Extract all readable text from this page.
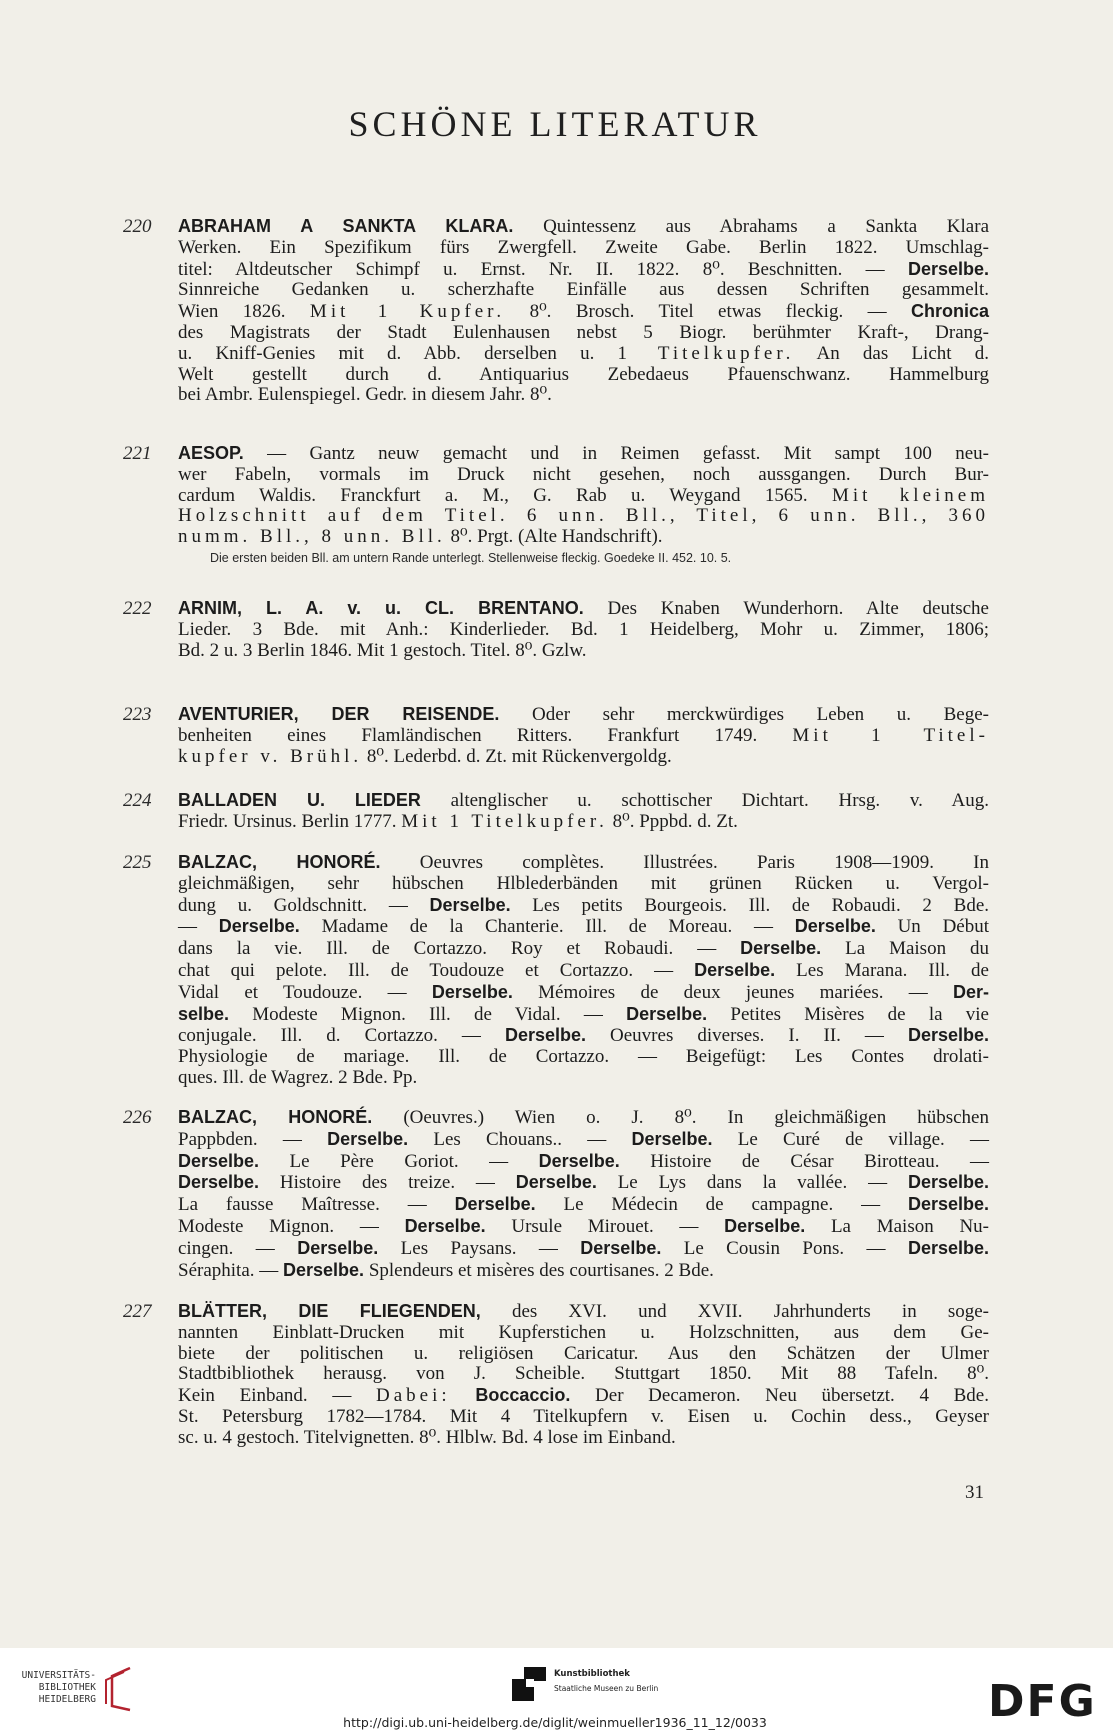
SCHÖNE LITERATUR
220	ABRAHAM A SANKTA KLARA. Quintessenz aus Abrahams a Sankta Klara
Werken. Ein Spezifikum fürs Zwergfell. Zweite Gabe. Berlin 1822. Umschlag-
titel: Altdeutscher Schimpf u. Ernst. Nr. II. 1822. 8⁰. Beschnitten. — Derselbe.
Sinnreiche Gedanken u. scherzhafte Einfälle aus dessen Schriften gesammelt.
Wien 1826. Mit 1 Kupfer. 8⁰. Brosch. Titel etwas fleckig. — Chronica
des Magistrats der Stadt Eulenhausen nebst 5 Biogr. berühmter Kraft-, Drang-
u. Kniff-Genies mit d. Abb. derselben u. 1 Titelkupfer. An das Licht d.
Welt gestellt durch d. Antiquarius Zebedaeus Pfauenschwanz. Hammelburg
bei Ambr. Eulenspiegel. Gedr. in diesem Jahr. 8⁰.
221	AESOP. — Gantz neuw gemacht und in Reimen gefasst. Mit sampt 100 neu-
wer Fabeln, vormals im Druck nicht gesehen, noch aussgangen. Durch Bur-
cardum Waldis. Franckfurt a. M., G. Rab u. Weygand 1565. Mit kleinem
Holzschnitt auf dem Titel. 6 unn. Bll., Titel, 6 unn. Bll., 360
numm. Bll., 8 unn. Bll. 8⁰. Prgt. (Alte Handschrift).
Die ersten beiden Bll. am untern Rande unterlegt. Stellenweise fleckig. Goedeke II. 452. 10. 5.
222	ARNIM, L. A. v. u. CL. BRENTANO. Des Knaben Wunderhorn. Alte deutsche
Lieder. 3 Bde. mit Anh.: Kinderlieder. Bd. 1 Heidelberg, Mohr u. Zimmer, 1806;
Bd. 2 u. 3 Berlin 1846. Mit 1 gestoch. Titel. 8⁰. Gzlw.
223	AVENTURIER, DER REISENDE. Oder sehr merckwürdiges Leben u. Bege-
benheiten eines Flamländischen Ritters. Frankfurt 1749. Mit 1 Titel-
kupfer v. Brühl. 8⁰. Lederbd. d. Zt. mit Rückenvergoldg.
224	BALLADEN U. LIEDER altenglischer u. schottischer Dichtart. Hrsg. v. Aug.
Friedr. Ursinus. Berlin 1777. Mit 1 Titelkupfer. 8⁰. Pppbd. d. Zt.
225	BALZAC, HONORÉ. Oeuvres complètes. Illustrées. Paris 1908—1909. In
gleichmäßigen, sehr hübschen Hlblederbänden mit grünen Rücken u. Vergol-
dung u. Goldschnitt. — Derselbe. Les petits Bourgeois. Ill. de Robaudi. 2 Bde.
— Derselbe. Madame de la Chanterie. Ill. de Moreau. — Derselbe. Un Début
dans la vie. Ill. de Cortazzo. Roy et Robaudi. — Derselbe. La Maison du
chat qui pelote. Ill. de Toudouze et Cortazzo. — Derselbe. Les Marana. Ill. de
Vidal et Toudouze. — Derselbe. Mémoires de deux jeunes mariées. — Der-
selbe. Modeste Mignon. Ill. de Vidal. — Derselbe. Petites Misères de la vie
conjugale. Ill. d. Cortazzo. — Derselbe. Oeuvres diverses. I. II. — Derselbe.
Physiologie de mariage. Ill. de Cortazzo. — Beigefügt: Les Contes drolati-
ques. Ill. de Wagrez. 2 Bde. Pp.
226	BALZAC, HONORÉ. (Oeuvres.) Wien o. J. 8⁰. In gleichmäßigen hübschen
Pappbden. — Derselbe. Les Chouans.. — Derselbe. Le Curé de village. —
Derselbe. Le Père Goriot. — Derselbe. Histoire de César Birotteau. —
Derselbe. Histoire des treize. — Derselbe. Le Lys dans la vallée. — Derselbe.
La fausse Maîtresse. — Derselbe. Le Médecin de campagne. — Derselbe.
Modeste Mignon. — Derselbe. Ursule Mirouet. — Derselbe. La Maison Nu-
cingen. — Derselbe. Les Paysans. — Derselbe. Le Cousin Pons. — Derselbe.
Séraphita. — Derselbe. Splendeurs et misères des courtisanes. 2 Bde.
227	BLÄTTER, DIE FLIEGENDEN, des XVI. und XVII. Jahrhunderts in soge-
nannten Einblatt-Drucken mit Kupferstichen u. Holzschnitten, aus dem Ge-
biete der politischen u. religiösen Caricatur. Aus den Schätzen der Ulmer
Stadtbibliothek herausg. von J. Scheible. Stuttgart 1850. Mit 88 Tafeln. 8⁰.
Kein Einband. — Dabei: Boccaccio. Der Decameron. Neu übersetzt. 4 Bde.
St. Petersburg 1782—1784. Mit 4 Titelkupfern v. Eisen u. Cochin dess., Geyser
sc. u. 4 gestoch. Titelvignetten. 8⁰. Hlblw. Bd. 4 lose im Einband.
31
UNIVERSITÄTS-
BIBLIOTHEK
HEIDELBERG
Kunstbibliothek
Staatliche Museen zu Berlin	DFG
http://digi.ub.uni-heidelberg.de/diglit/weinmueller1936_11_12/0033
